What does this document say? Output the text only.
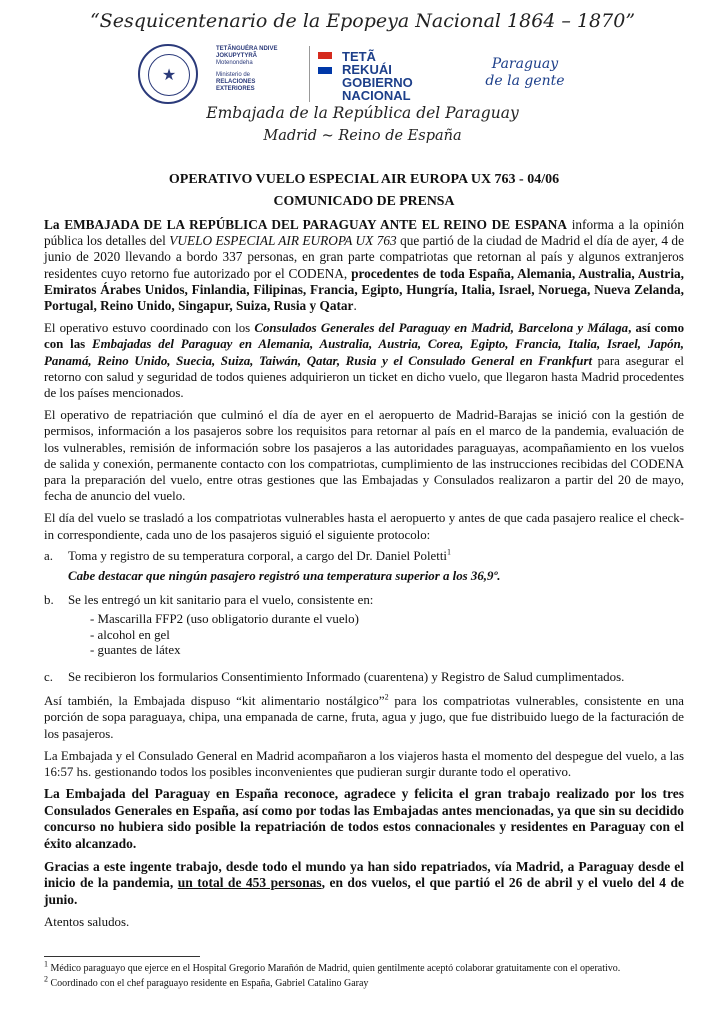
“Sesquicentenario de la Epopeya Nacional 1864 – 1870”
★
TETÃNGUÉRA NDIVE
JOKUPYTYRÃ
Motenondeha
Ministerio de
RELACIONES
EXTERIORES
TETÃ
REKUÁI
GOBIERNO
NACIONAL
Paraguay
de la gente
Embajada de la República del Paraguay
Madrid ~ Reino de España
OPERATIVO VUELO ESPECIAL AIR EUROPA UX 763 - 04/06
COMUNICADO DE PRENSA

La EMBAJADA DE LA REPÚBLICA DEL PARAGUAY ANTE EL REINO DE ESPANA informa a la opinión pública los detalles del VUELO ESPECIAL AIR EUROPA UX 763 que partió de la ciudad de Madrid el día de ayer, 4 de junio de 2020 llevando a bordo 337 personas, en gran parte compatriotas que retornan al país y algunos extranjeros residentes cuyo retorno fue autorizado por el CODENA, procedentes de toda España, Alemania, Australia, Austria, Emiratos Árabes Unidos, Finlandia, Filipinas, Francia, Egipto, Hungría, Italia, Israel, Noruega, Nueva Zelanda, Portugal, Reino Unido, Singapur, Suiza, Rusia y Qatar.

El operativo estuvo coordinado con los Consulados Generales del Paraguay en Madrid, Barcelona y Málaga, así como con las Embajadas del Paraguay en Alemania, Australia, Austria, Corea, Egipto, Francia, Italia, Israel, Japón, Panamá, Reino Unido, Suecia, Suiza, Taiwán, Qatar, Rusia y el Consulado General en Frankfurt para asegurar el retorno con salud y seguridad de todos quienes adquirieron un ticket en dicho vuelo, que llegaron hasta Madrid procedentes de los países mencionados.

El operativo de repatriación que culminó el día de ayer en el aeropuerto de Madrid-Barajas se inició con la gestión de permisos, información a los pasajeros sobre los requisitos para retornar al país en el marco de la pandemia, evaluación de los vulnerables, remisión de información sobre los pasajeros a las autoridades paraguayas, acompañamiento en los vuelos de salida y conexión, permanente contacto con los compatriotas, cumplimiento de las instrucciones recibidas del CODENA para la preparación del vuelo, entre otras gestiones que las Embajadas y Consulados realizaron a partir del 20 de mayo, fecha de anuncio del vuelo.

El día del vuelo se trasladó a los compatriotas vulnerables hasta el aeropuerto y antes de que cada pasajero realice el check-in correspondiente, cada uno de los pasajeros siguió el siguiente protocolo:

a.	Toma y registro de su temperatura corporal, a cargo del Dr. Daniel Poletti$^1$
Cabe destacar que ningún pasajero registró una temperatura superior a los 36,9º.
b.	Se les entregó un kit sanitario para el vuelo, consistente en:
- Mascarilla FFP2 (uso obligatorio durante el vuelo)
- alcohol en gel
- guantes de látex
c.	Se recibieron los formularios Consentimiento Informado (cuarentena) y Registro de Salud cumplimentados.

Así también, la Embajada dispuso “kit alimentario nostálgico”$^2$ para los compatriotas vulnerables, consistente en una porción de sopa paraguaya, chipa, una empanada de carne, fruta, agua y jugo, que fue distribuido luego de la facturación de los pasajeros.

La Embajada y el Consulado General en Madrid acompañaron a los viajeros hasta el momento del despegue del vuelo, a las 16:57 hs. gestionando todos los posibles inconvenientes que pudieran surgir durante todo el operativo.

La Embajada del Paraguay en España reconoce, agradece y felicita el gran trabajo realizado por los tres Consulados Generales en España, así como por todas las Embajadas antes mencionadas, ya que sin su decidido concurso no hubiera sido posible la repatriación de todos estos connacionales y residentes en Paraguay con el éxito alcanzado.

Gracias a este ingente trabajo, desde todo el mundo ya han sido repatriados, vía Madrid, a Paraguay desde el inicio de la pandemia, un total de 453 personas, en dos vuelos, el que partió el 26 de abril y el vuelo del 4 de junio.

Atentos saludos.

$^1$ Médico paraguayo que ejerce en el Hospital Gregorio Marañón de Madrid, quien gentilmente aceptó colaborar gratuitamente con el operativo.
$^2$ Coordinado con el chef paraguayo residente en España, Gabriel Catalino Garay
